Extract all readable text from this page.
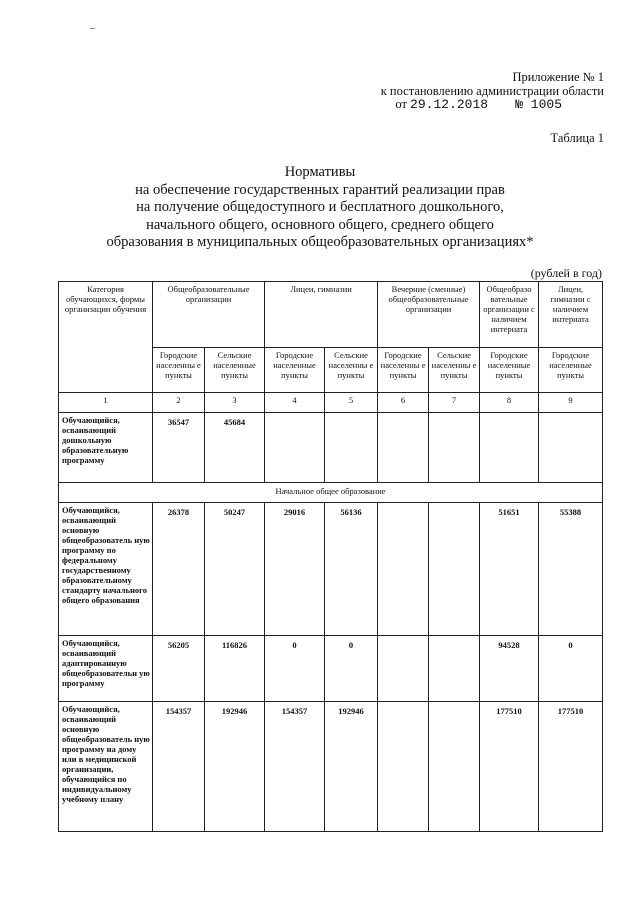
Приложение № 1
к постановлению администрации области
от 29.12.2018 № 1005
Таблица 1
Нормативы
на обеспечение государственных гарантий реализации прав
на получение общедоступного и бесплатного дошкольного,
начального общего, основного общего, среднего общего
образования в муниципальных общеобразовательных организациях*
(рублей в год)
Категория обучающихся, формы организации обучения	Общеобразовательные организации		Лицеи, гимназии		Вечерние (сменные) общеобразовательные организации		Общеобразо вательные организации с наличием интерната	Лицеи, гимназии с наличием интерната
	Городские населенны е пункты	Сельские населенные пункты	Городские населенные пункты	Сельские населенны е пункты	Городские населенны е пункты	Сельские населенны е пункты	Городские населенные пункты	Городские населенные пункты
1	2	3	4	5	6	7	8	9
Обучающийся, осваивающий дошкольную образовательную программу	36547	45684						
Начальное общее образование								
Обучающийся, осваивающий основную общеобразователь ную программу по федеральному государственному образовательному стандарту начального общего образования	26378	50247	29016	56136			51651	55388
Обучающийся, осваивающий адаптированную общеобразовательн ую программу	56205	116826	0	0			94528	0
Обучающийся, осваивающий основную общеобразователь ную программу на дому или в медицинской организации, обучающийся по индивидуальному учебному плану	154357	192946	154357	192946			177510	177510
